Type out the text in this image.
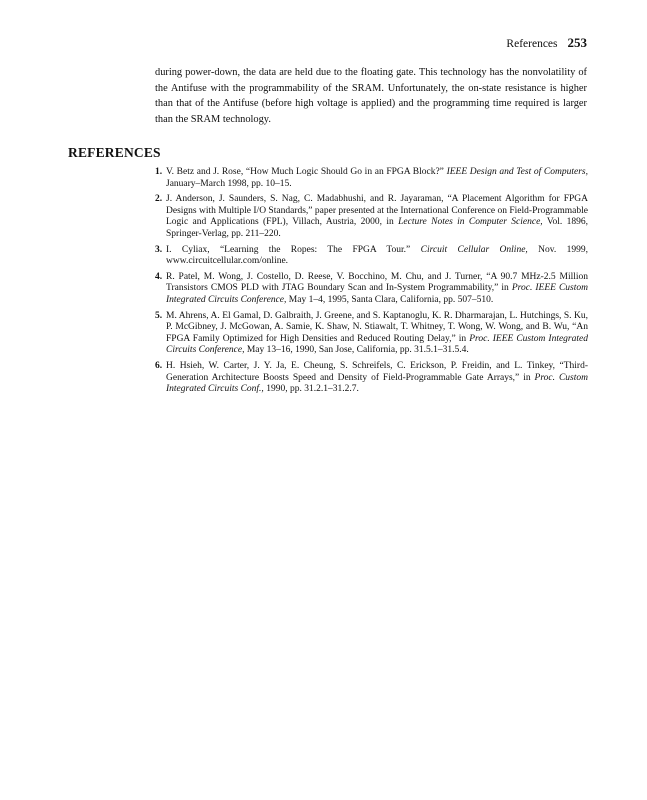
References 253

during power-down, the data are held due to the floating gate. This technology has the nonvolatility of the Antifuse with the programmability of the SRAM. Unfortunately, the on-state resistance is higher than that of the Antifuse (before high voltage is applied) and the programming time required is larger than the SRAM technology.

REFERENCES
1. V. Betz and J. Rose, “How Much Logic Should Go in an FPGA Block?” IEEE Design and Test of Computers, January–March 1998, pp. 10–15.
2. J. Anderson, J. Saunders, S. Nag, C. Madabhushi, and R. Jayaraman, “A Placement Algorithm for FPGA Designs with Multiple I/O Standards,” paper presented at the International Conference on Field-Programmable Logic and Applications (FPL), Villach, Austria, 2000, in Lecture Notes in Computer Science, Vol. 1896, Springer-Verlag, pp. 211–220.
3. I. Cyliax, “Learning the Ropes: The FPGA Tour.” Circuit Cellular Online, Nov. 1999, www.circuitcellular.com/online.
4. R. Patel, M. Wong, J. Costello, D. Reese, V. Bocchino, M. Chu, and J. Turner, “A 90.7 MHz-2.5 Million Transistors CMOS PLD with JTAG Boundary Scan and In-System Programmability,” in Proc. IEEE Custom Integrated Circuits Conference, May 1–4, 1995, Santa Clara, California, pp. 507–510.
5. M. Ahrens, A. El Gamal, D. Galbraith, J. Greene, and S. Kaptanoglu, K. R. Dharmarajan, L. Hutchings, S. Ku, P. McGibney, J. McGowan, A. Samie, K. Shaw, N. Stiawalt, T. Whitney, T. Wong, W. Wong, and B. Wu, “An FPGA Family Optimized for High Densities and Reduced Routing Delay,” in Proc. IEEE Custom Integrated Circuits Conference, May 13–16, 1990, San Jose, California, pp. 31.5.1–31.5.4.
6. H. Hsieh, W. Carter, J. Y. Ja, E. Cheung, S. Schreifels, C. Erickson, P. Freidin, and L. Tinkey, “Third-Generation Architecture Boosts Speed and Density of Field-Programmable Gate Arrays,” in Proc. Custom Integrated Circuits Conf., 1990, pp. 31.2.1–31.2.7.
